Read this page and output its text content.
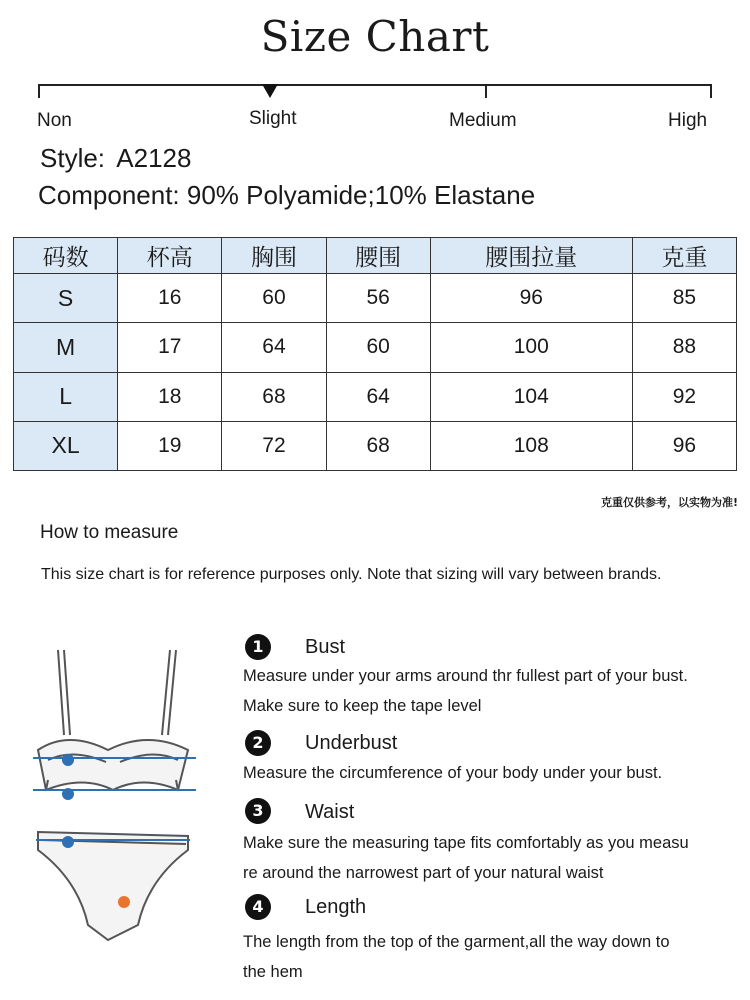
Size Chart
Non	Slight	Medium	High
Style: A2128
Component: 90% Polyamide;10% Elastane
码数	杯高	胸围	腰围	腰围拉量	克重
S	16	60	56	96	85
M	17	64	60	100	88
L	18	68	64	104	92
XL	19	72	68	108	96
克重仅供参考，以实物为准!
How to measure
This size chart is for reference purposes only. Note that sizing will vary between brands.
1	Bust
Measure under your arms around thr fullest part of your bust.
Make sure to keep the tape level
2	Underbust
Measure the circumference of your body under your bust.
3	Waist
Make sure the measuring tape fits comfortably as you measu
re around the narrowest part of your natural waist
4	Length
The length from the top of the garment,all the way down to
the hem
